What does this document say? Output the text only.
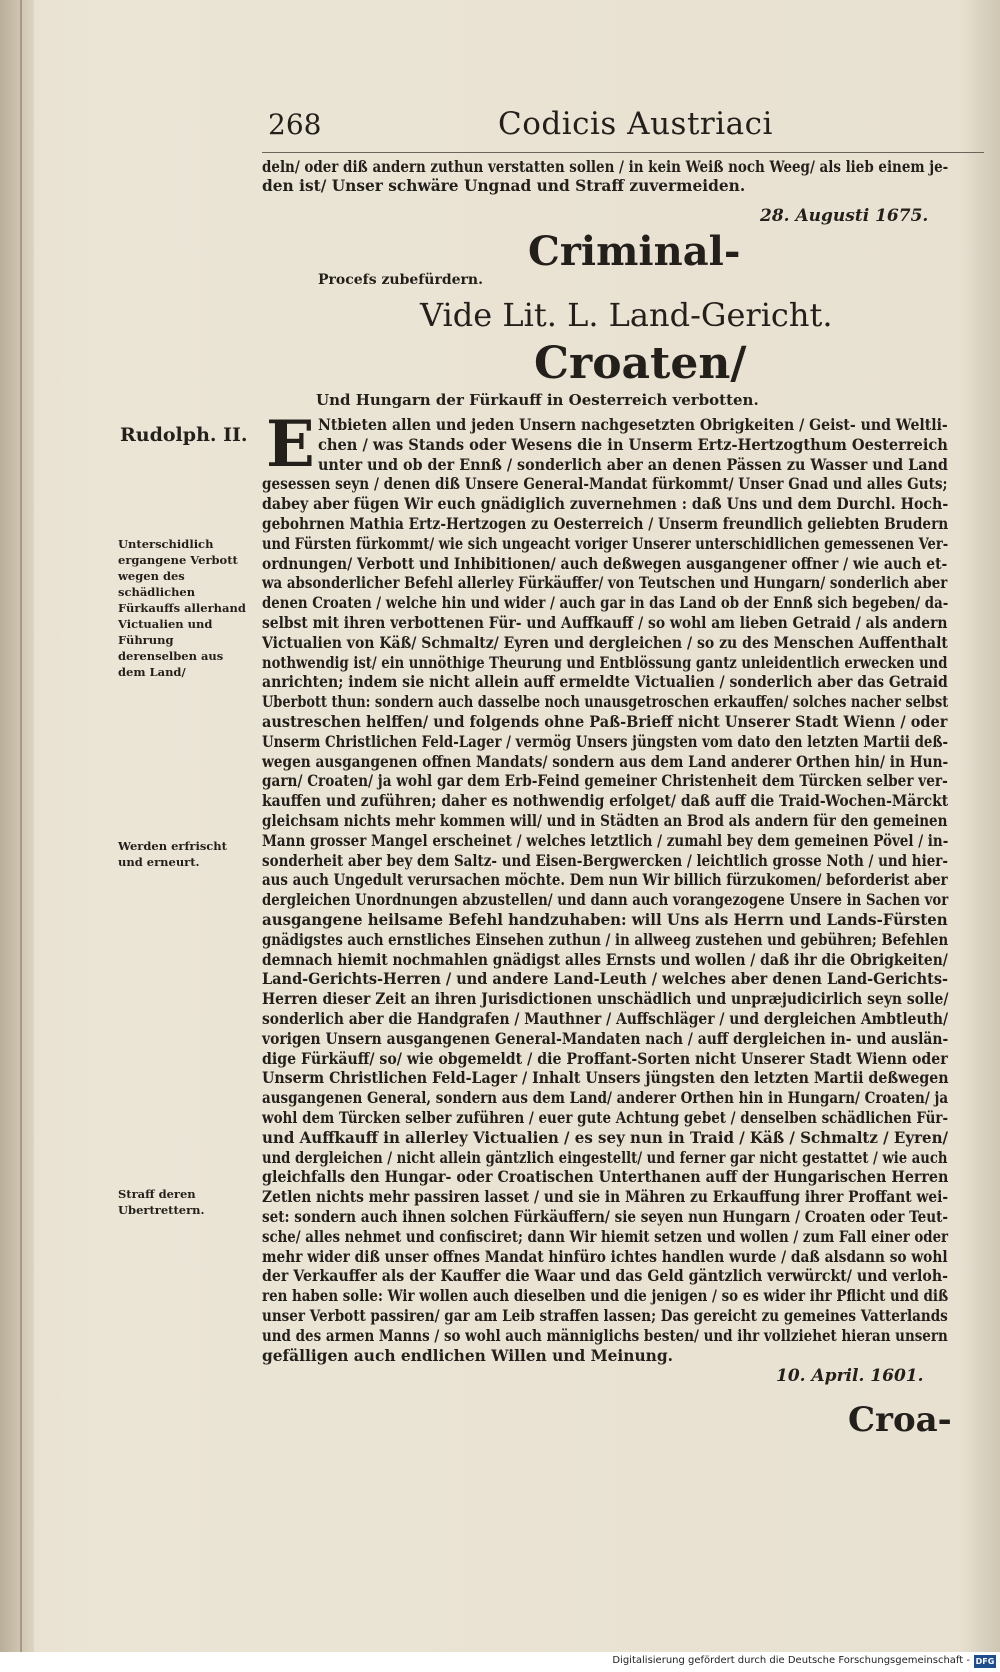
268	Codicis Austriaci
deln/ oder diß andern zuthun verstatten sollen / in kein Weiß noch Weeg/ als lieb einem je-
den ist/ Unser schwäre Ungnad und Straff zuvermeiden.
28. Augusti 1675.
Criminal-
Procefs zubefürdern.
Vide Lit. L. Land-Gericht.
Croaten/
Und Hungarn der Fürkauff in Oesterreich verbotten.
Rudolph. II.
Unterschidlich ergangene Verbott wegen des schädlichen Fürkauffs allerhand Victualien und Führung derenselben aus dem Land/
Werden erfrischt und erneurt.
Straff deren Ubertrettern.
E Ntbieten allen und jeden Unsern nachgesetzten Obrigkeiten / Geist- und Weltli-
chen / was Stands oder Wesens die in Unserm Ertz-Hertzogthum Oesterreich
unter und ob der Ennß / sonderlich aber an denen Pässen zu Wasser und Land
gesessen seyn / denen diß Unsere General-Mandat fürkommt/ Unser Gnad und alles Guts;
dabey aber fügen Wir euch gnädiglich zuvernehmen : daß Uns und dem Durchl. Hoch-
gebohrnen Mathia Ertz-Hertzogen zu Oesterreich / Unserm freundlich geliebten Brudern
und Fürsten fürkommt/ wie sich ungeacht voriger Unserer unterschidlichen gemessenen Ver-
ordnungen/ Verbott und Inhibitionen/ auch deßwegen ausgangener offner / wie auch et-
wa absonderlicher Befehl allerley Fürkäuffer/ von Teutschen und Hungarn/ sonderlich aber
denen Croaten / welche hin und wider / auch gar in das Land ob der Ennß sich begeben/ da-
selbst mit ihren verbottenen Für- und Auffkauff / so wohl am lieben Getraid / als andern
Victualien von Käß/ Schmaltz/ Eyren und dergleichen / so zu des Menschen Auffenthalt
nothwendig ist/ ein unnöthige Theurung und Entblössung gantz unleidentlich erwecken und
anrichten; indem sie nicht allein auff ermeldte Victualien / sonderlich aber das Getraid
Uberbott thun: sondern auch dasselbe noch unausgetroschen erkauffen/ solches nacher selbst
austreschen helffen/ und folgends ohne Paß-Brieff nicht Unserer Stadt Wienn / oder
Unserm Christlichen Feld-Lager / vermög Unsers jüngsten vom dato den letzten Martii deß-
wegen ausgangenen offnen Mandats/ sondern aus dem Land anderer Orthen hin/ in Hun-
garn/ Croaten/ ja wohl gar dem Erb-Feind gemeiner Christenheit dem Türcken selber ver-
kauffen und zuführen; daher es nothwendig erfolget/ daß auff die Traid-Wochen-Märckt
gleichsam nichts mehr kommen will/ und in Städten an Brod als andern für den gemeinen
Mann grosser Mangel erscheinet / welches letztlich / zumahl bey dem gemeinen Pövel / in-
sonderheit aber bey dem Saltz- und Eisen-Bergwercken / leichtlich grosse Noth / und hier-
aus auch Ungedult verursachen möchte. Dem nun Wir billich fürzukomen/ beforderist aber
dergleichen Unordnungen abzustellen/ und dann auch vorangezogene Unsere in Sachen vor
ausgangene heilsame Befehl handzuhaben: will Uns als Herrn und Lands-Fürsten
gnädigstes auch ernstliches Einsehen zuthun / in allweeg zustehen und gebühren; Befehlen
demnach hiemit nochmahlen gnädigst alles Ernsts und wollen / daß ihr die Obrigkeiten/
Land-Gerichts-Herren / und andere Land-Leuth / welches aber denen Land-Gerichts-
Herren dieser Zeit an ihren Jurisdictionen unschädlich und unpræjudicirlich seyn solle/
sonderlich aber die Handgrafen / Mauthner / Auffschläger / und dergleichen Ambtleuth/
vorigen Unsern ausgangenen General-Mandaten nach / auff dergleichen in- und auslän-
dige Fürkäuff/ so/ wie obgemeldt / die Proffant-Sorten nicht Unserer Stadt Wienn oder
Unserm Christlichen Feld-Lager / Inhalt Unsers jüngsten den letzten Martii deßwegen
ausgangenen General, sondern aus dem Land/ anderer Orthen hin in Hungarn/ Croaten/ ja
wohl dem Türcken selber zuführen / euer gute Achtung gebet / denselben schädlichen Für-
und Auffkauff in allerley Victualien / es sey nun in Traid / Käß / Schmaltz / Eyren/
und dergleichen / nicht allein gäntzlich eingestellt/ und ferner gar nicht gestattet / wie auch
gleichfalls den Hungar- oder Croatischen Unterthanen auff der Hungarischen Herren
Zetlen nichts mehr passiren lasset / und sie in Mähren zu Erkauffung ihrer Proffant wei-
set: sondern auch ihnen solchen Fürkäuffern/ sie seyen nun Hungarn / Croaten oder Teut-
sche/ alles nehmet und confisciret; dann Wir hiemit setzen und wollen / zum Fall einer oder
mehr wider diß unser offnes Mandat hinfüro ichtes handlen wurde / daß alsdann so wohl
der Verkauffer als der Kauffer die Waar und das Geld gäntzlich verwürckt/ und verloh-
ren haben solle: Wir wollen auch dieselben und die jenigen / so es wider ihr Pflicht und diß
unser Verbott passiren/ gar am Leib straffen lassen; Das gereicht zu gemeines Vatterlands
und des armen Manns / so wohl auch männiglichs besten/ und ihr vollziehet hieran unsern
gefälligen auch endlichen Willen und Meinung.
10. April. 1601.
Croa-
Digitalisierung gefördert durch die Deutsche Forschungsgemeinschaft - DFG
